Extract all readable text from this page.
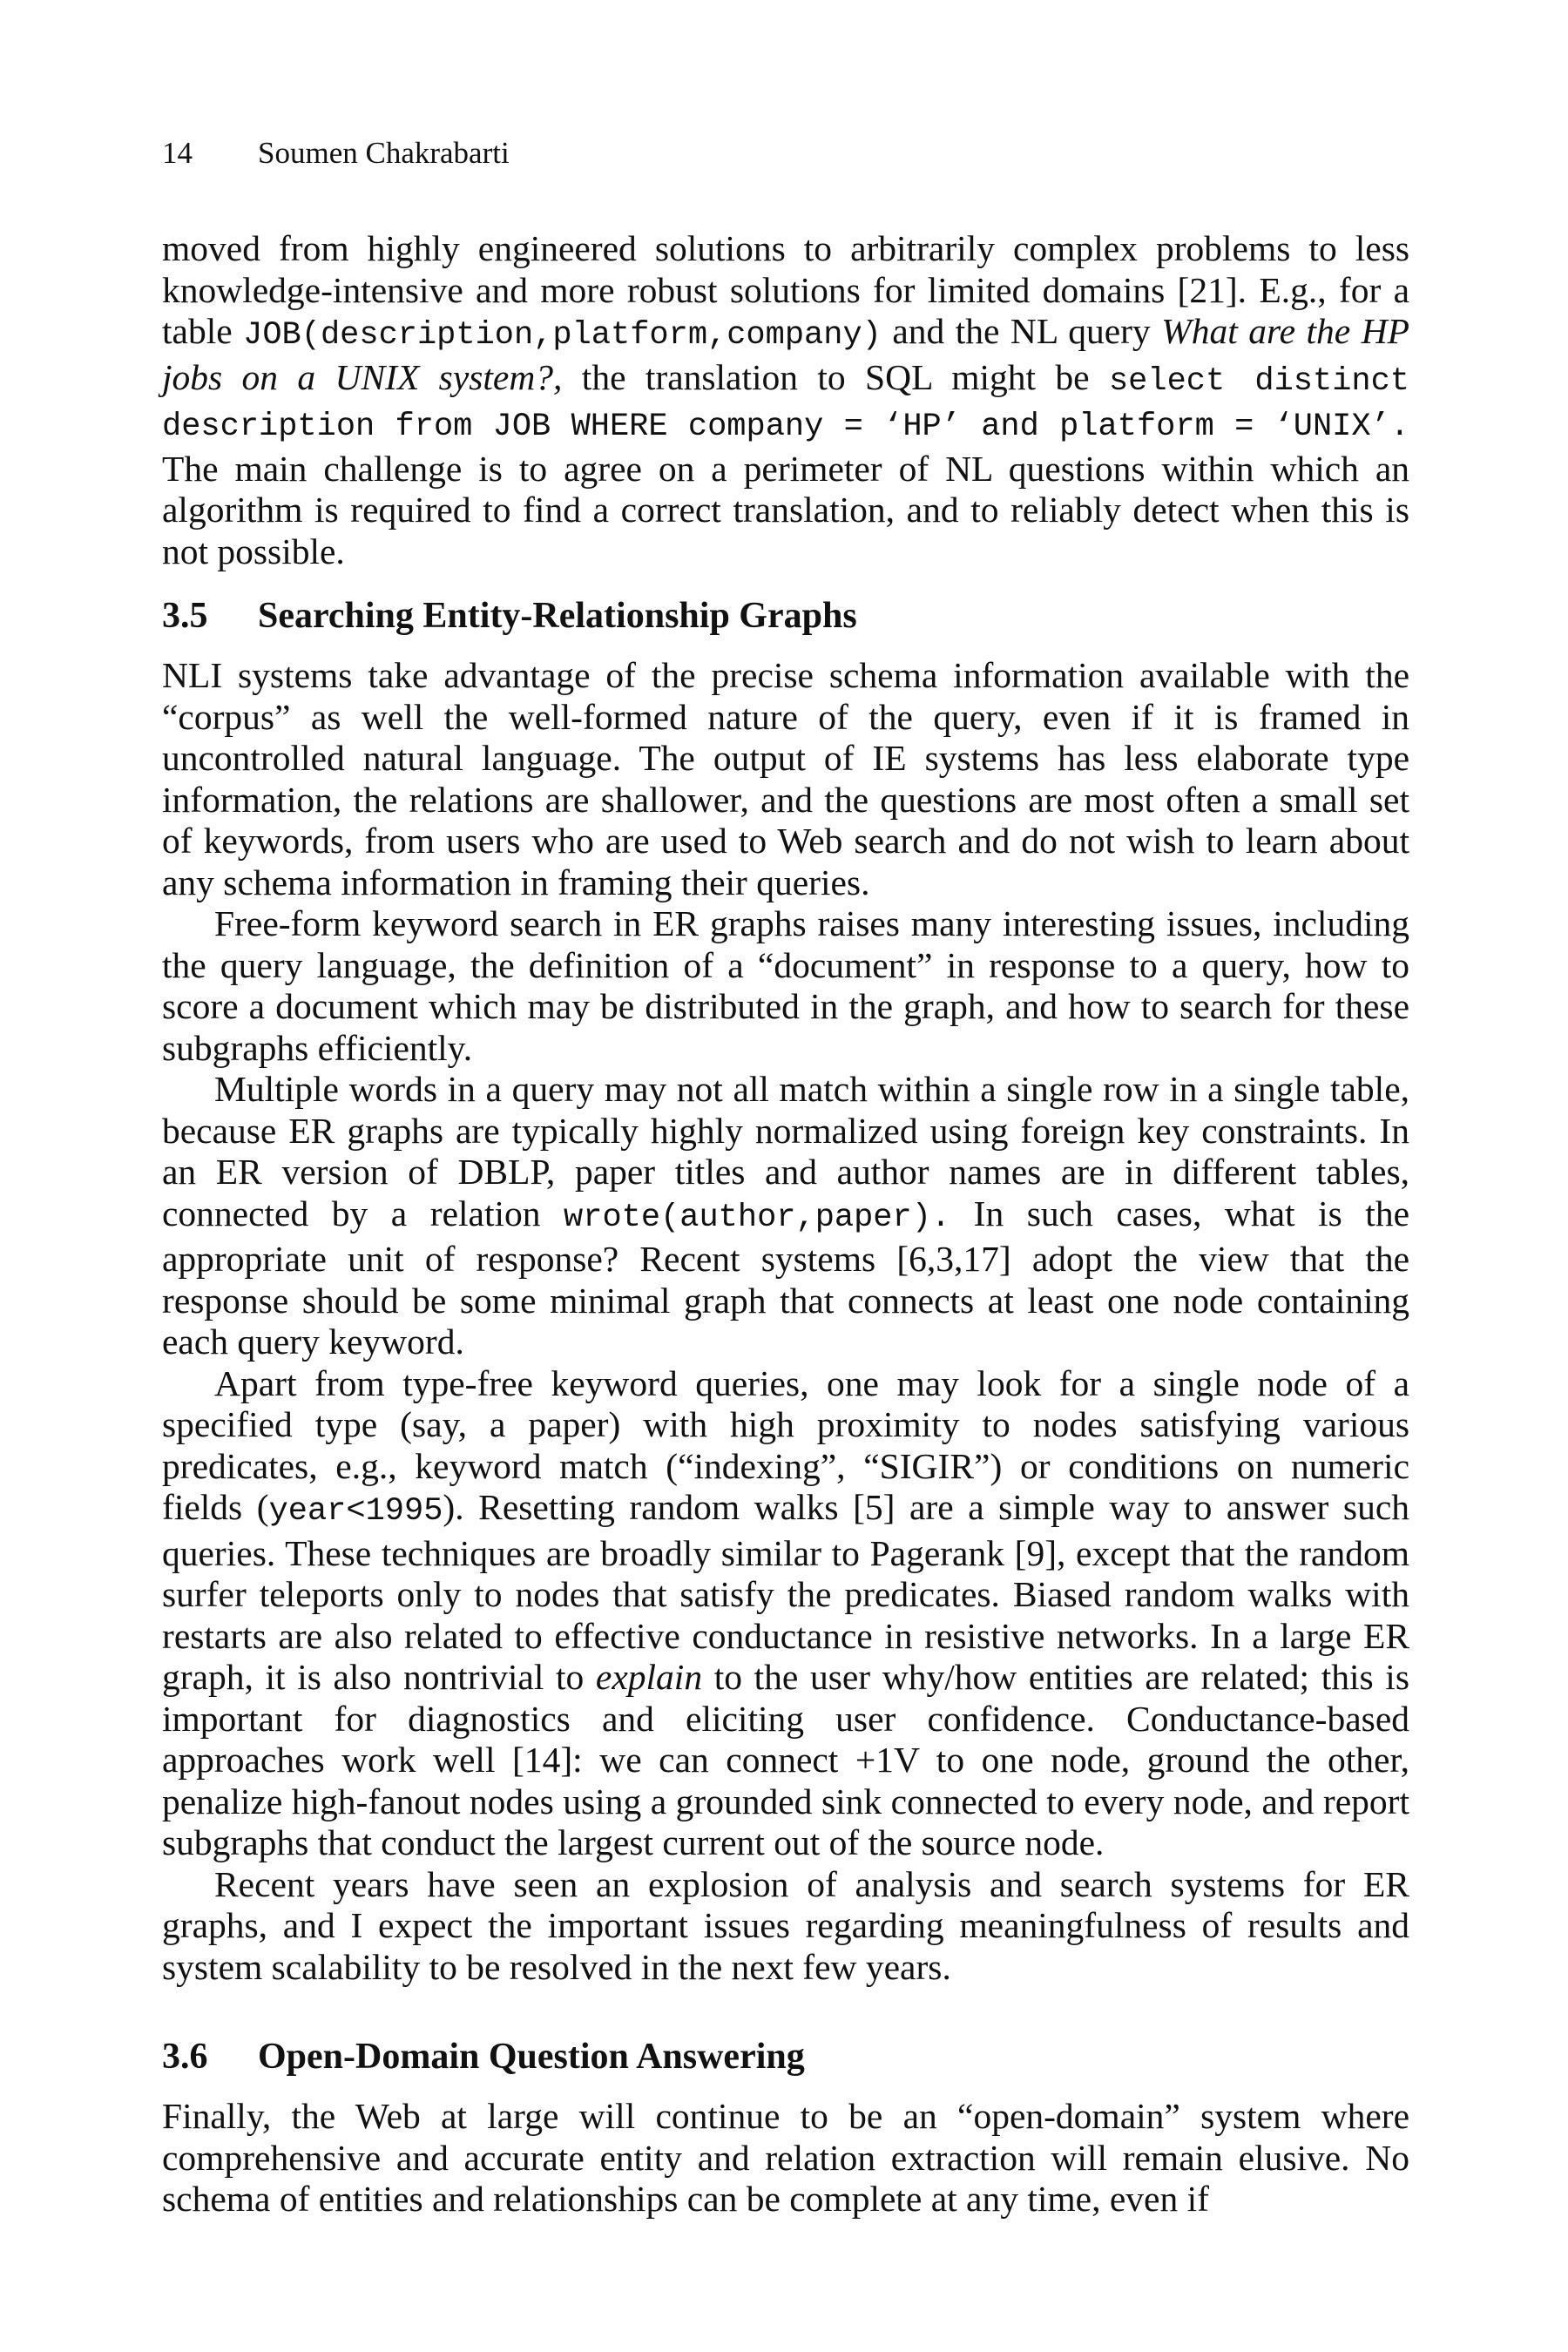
14 Soumen Chakrabarti

moved from highly engineered solutions to arbitrarily complex problems to less knowledge-intensive and more robust solutions for limited domains [21]. E.g., for a table JOB(description,platform,company) and the NL query What are the HP jobs on a UNIX system?, the translation to SQL might be select distinct description from JOB WHERE company = ‘HP’ and platform = ‘UNIX’. The main challenge is to agree on a perimeter of NL questions within which an algorithm is required to find a correct translation, and to reliably detect when this is not possible.

3.5 Searching Entity-Relationship Graphs

NLI systems take advantage of the precise schema information available with the “corpus” as well the well-formed nature of the query, even if it is framed in uncontrolled natural language. The output of IE systems has less elaborate type information, the relations are shallower, and the questions are most often a small set of keywords, from users who are used to Web search and do not wish to learn about any schema information in framing their queries.

Free-form keyword search in ER graphs raises many interesting issues, including the query language, the definition of a “document” in response to a query, how to score a document which may be distributed in the graph, and how to search for these subgraphs efficiently.

Multiple words in a query may not all match within a single row in a single table, because ER graphs are typically highly normalized using foreign key constraints. In an ER version of DBLP, paper titles and author names are in different tables, connected by a relation wrote(author,paper). In such cases, what is the appropriate unit of response? Recent systems [6,3,17] adopt the view that the response should be some minimal graph that connects at least one node containing each query keyword.

Apart from type-free keyword queries, one may look for a single node of a specified type (say, a paper) with high proximity to nodes satisfying various predicates, e.g., keyword match (“indexing”, “SIGIR”) or conditions on numeric fields (year<1995). Resetting random walks [5] are a simple way to answer such queries. These techniques are broadly similar to Pagerank [9], except that the random surfer teleports only to nodes that satisfy the predicates. Biased random walks with restarts are also related to effective conductance in resistive networks. In a large ER graph, it is also nontrivial to explain to the user why/how entities are related; this is important for diagnostics and eliciting user confidence. Conductance-based approaches work well [14]: we can connect +1V to one node, ground the other, penalize high-fanout nodes using a grounded sink connected to every node, and report subgraphs that conduct the largest current out of the source node.

Recent years have seen an explosion of analysis and search systems for ER graphs, and I expect the important issues regarding meaningfulness of results and system scalability to be resolved in the next few years.

3.6 Open-Domain Question Answering

Finally, the Web at large will continue to be an “open-domain” system where comprehensive and accurate entity and relation extraction will remain elusive. No schema of entities and relationships can be complete at any time, even if
